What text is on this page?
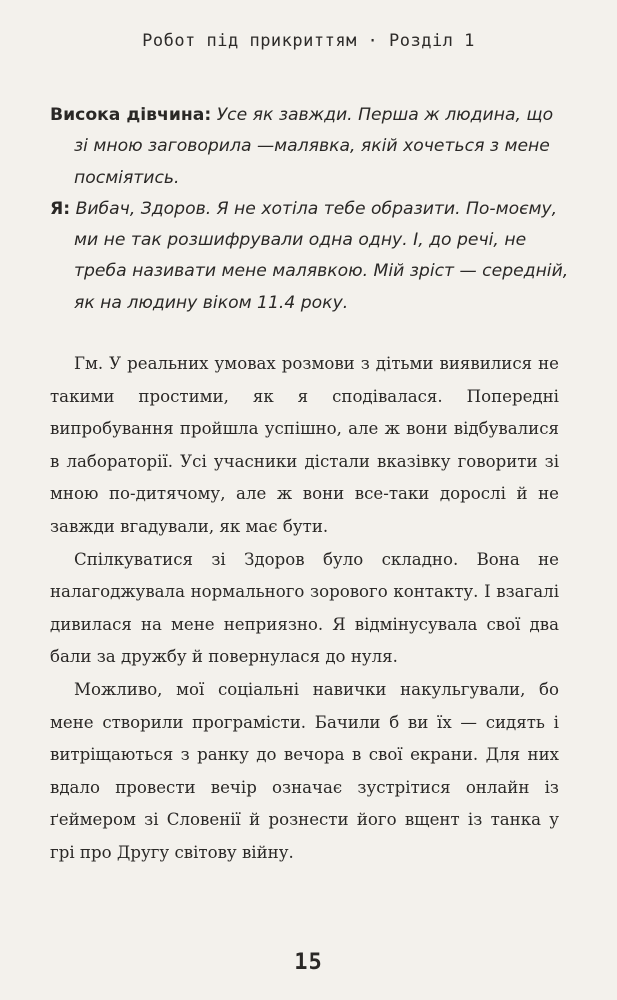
Робот під прикриттям · Розділ 1

Висока дівчина: Усе як завжди. Перша ж людина, що зі мною заговорила —малявка, якій хочеться з мене посміятись.

Я: Вибач, Здоров. Я не хотіла тебе образити. По-моєму, ми не так розшифрували одна одну. І, до речі, не треба називати мене малявкою. Мій зріст — середній, як на людину віком 11.4 року.

Гм. У реальних умовах розмови з дітьми виявилися не такими простими, як я сподівалася. Попередні випробування пройшла успішно, але ж вони відбувалися в лабораторії. Усі учасники дістали вказівку говорити зі мною по-дитячому, але ж вони все-таки дорослі й не завжди вгадували, як має бути.

Спілкуватися зі Здоров було складно. Вона не налагоджувала нормального зорового контакту. І взагалі дивилася на мене неприязно. Я відмінусувала свої два бали за дружбу й повернулася до нуля.

Можливо, мої соціальні навички накульгували, бо мене створили програмісти. Бачили б ви їх — сидять і витріщаються з ранку до вечора в свої екрани. Для них вдало провести вечір означає зустрітися онлайн із ґеймером зі Словенії й рознести його вщент із танка у грі про Другу світову війну.

15
